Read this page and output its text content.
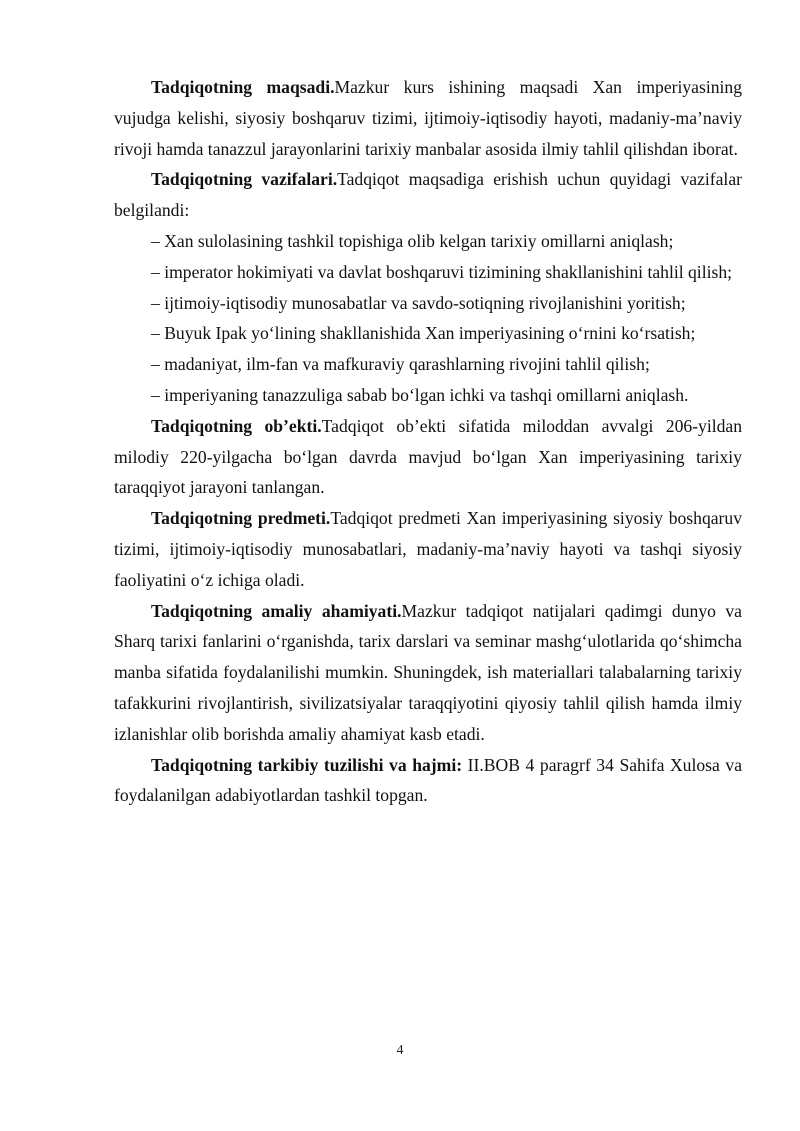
Tadqiqotning maqsadi.Mazkur kurs ishining maqsadi Xan imperiyasining vujudga kelishi, siyosiy boshqaruv tizimi, ijtimoiy-iqtisodiy hayoti, madaniy-ma’naviy rivoji hamda tanazzul jarayonlarini tarixiy manbalar asosida ilmiy tahlil qilishdan iborat.

Tadqiqotning vazifalari.Tadqiqot maqsadiga erishish uchun quyidagi vazifalar belgilandi:

– Xan sulolasining tashkil topishiga olib kelgan tarixiy omillarni aniqlash;

– imperator hokimiyati va davlat boshqaruvi tizimining shakllanishini tahlil qilish;

– ijtimoiy-iqtisodiy munosabatlar va savdo-sotiqning rivojlanishini yoritish;

– Buyuk Ipak yo‘lining shakllanishida Xan imperiyasining o‘rnini ko‘rsatish;

– madaniyat, ilm-fan va mafkuraviy qarashlarning rivojini tahlil qilish;

– imperiyaning tanazzuliga sabab bo‘lgan ichki va tashqi omillarni aniqlash.

Tadqiqotning ob’ekti.Tadqiqot ob’ekti sifatida miloddan avvalgi 206-yildan milodiy 220-yilgacha bo‘lgan davrda mavjud bo‘lgan Xan imperiyasining tarixiy taraqqiyot jarayoni tanlangan.

Tadqiqotning predmeti.Tadqiqot predmeti Xan imperiyasining siyosiy boshqaruv tizimi, ijtimoiy-iqtisodiy munosabatlari, madaniy-ma’naviy hayoti va tashqi siyosiy faoliyatini o‘z ichiga oladi.

Tadqiqotning amaliy ahamiyati.Mazkur tadqiqot natijalari qadimgi dunyo va Sharq tarixi fanlarini o‘rganishda, tarix darslari va seminar mashg‘ulotlarida qo‘shimcha manba sifatida foydalanilishi mumkin. Shuningdek, ish materiallari talabalarning tarixiy tafakkurini rivojlantirish, sivilizatsiyalar taraqqiyotini qiyosiy tahlil qilish hamda ilmiy izlanishlar olib borishda amaliy ahamiyat kasb etadi.

Tadqiqotning tarkibiy tuzilishi va hajmi: II.BOB 4 paragrf 34 Sahifa Xulosa va foydalanilgan adabiyotlardan tashkil topgan.

4
